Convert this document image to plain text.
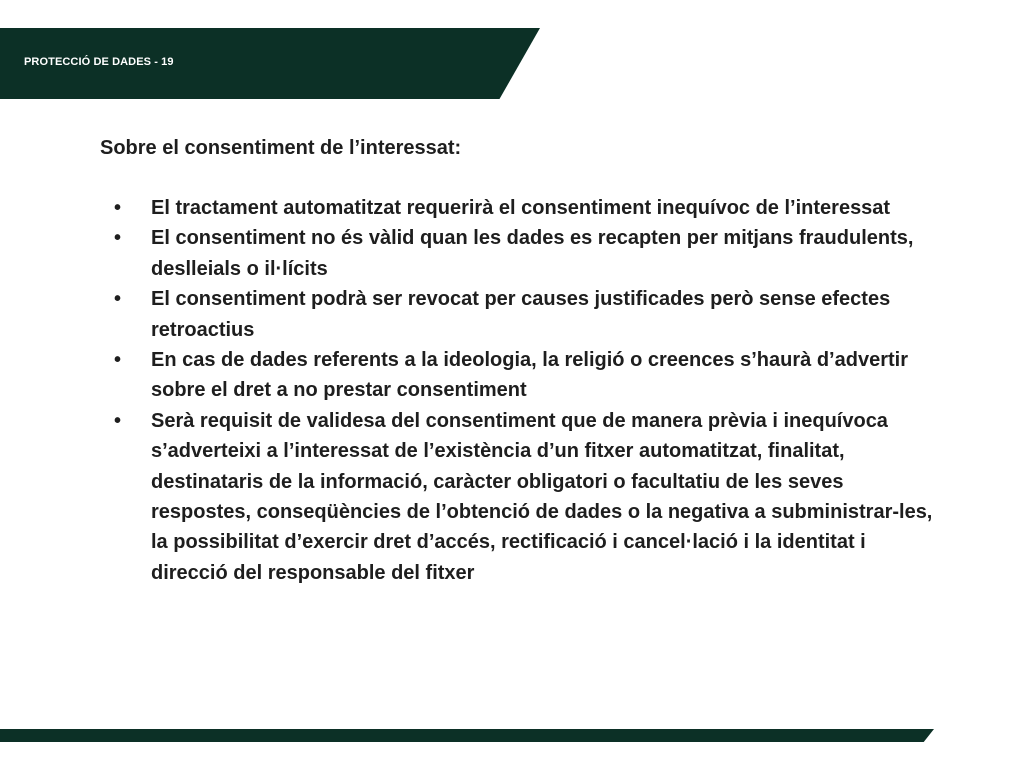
PROTECCIÓ DE DADES - 19
Sobre el consentiment de l’interessat:
• El tractament automatitzat requerirà el consentiment inequívoc de l’interessat
• El consentiment no és vàlid quan les dades es recapten per mitjans fraudulents, deslleials o il·lícits
• El consentiment podrà ser revocat per causes justificades però sense efectes retroactius
• En cas de dades referents a la ideologia, la religió o creences s’haurà d’advertir sobre el dret a no prestar consentiment
• Serà requisit de validesa del consentiment que de manera prèvia i inequívoca s’adverteixi a l’interessat de l’existència d’un fitxer automatitzat, finalitat, destinataris de la informació, caràcter obligatori o facultatiu de les seves respostes, conseqüències de l’obtenció de dades o la negativa a subministrar-les, la possibilitat d’exercir dret d’accés, rectificació i cancel·lació i la identitat i direcció del responsable del fitxer
